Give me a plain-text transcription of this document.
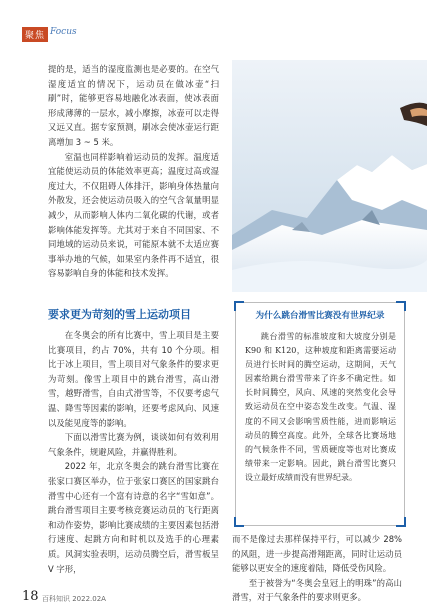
聚焦 Focus

提的是，适当的湿度监测也是必要的。在空气湿度适宜的情况下，运动员在做冰壶“扫刷”时，能够更容易地融化冰表面，使冰表面形成薄薄的一层水，减小摩擦，冰壶可以走得又远又直。据专家预测，刷冰会使冰壶运行距离增加 3 ~ 5 米。

室温也同样影响着运动员的发挥。温度适宜能使运动员的体能效率更高；温度过高或湿度过大，不仅阻碍人体排汗，影响身体热量向外散发，还会使运动员吸入的空气含氧量明显减少，从而影响人体内二氧化碳的代谢，或者影响体能发挥等。尤其对于来自不同国家、不同地域的运动员来说，可能原本就不太适应赛事举办地的气候，如果室内条件再不适宜，很容易影响自身的体能和技术发挥。

要求更为苛刻的雪上运动项目

在冬奥会的所有比赛中，雪上项目是主要比赛项目，约占 70%，共有 10 个分项。相比于冰上项目，雪上项目对气象条件的要求更为苛刻。像雪上项目中的跳台滑雪，高山滑雪，越野滑雪，自由式滑雪等，不仅要考虑气温、降雪等因素的影响，还要考虑风向、风速以及能见度等的影响。

下面以滑雪比赛为例，谈谈如何有效利用气象条件，规避风险，并赢得胜利。

2022 年，北京冬奥会的跳台滑雪比赛在张家口赛区举办，位于张家口赛区的国家跳台滑雪中心还有一个富有诗意的名字“雪如意”。跳台滑雪项目主要考核竞赛运动员的飞行距离和动作姿势，影响比赛成绩的主要因素包括滑行速度、起跳方向和时机以及选手的心理素质。风洞实验表明，运动员腾空后，滑雪板呈 V 字形，

为什么跳台滑雪比赛没有世界纪录
跳台滑雪的标准坡度和大坡度分别是 K90 和 K120，这种坡度和距离需要运动员进行长时间的腾空运动，这期间，天气因素给跳台滑雪带来了许多不确定性。如长时间腾空，风向、风速的突然变化会导致运动员在空中姿态发生改变。气温、湿度的不同又会影响雪质性能，进而影响运动员的腾空高度。此外，全球各比赛场地的气候条件不同，雪质硬度等也对比赛成绩带来一定影响。因此，跳台滑雪比赛只设立最好成绩而没有世界纪录。

而不是像过去那样保持平行，可以减少 28% 的风阻，进一步提高滑翔距离，同时让运动员能够以更安全的速度着陆，降低受伤风险。

至于被誉为“冬奥会皇冠上的明珠”的高山滑雪，对于气象条件的要求则更多。

18 百科知识 2022.02A
